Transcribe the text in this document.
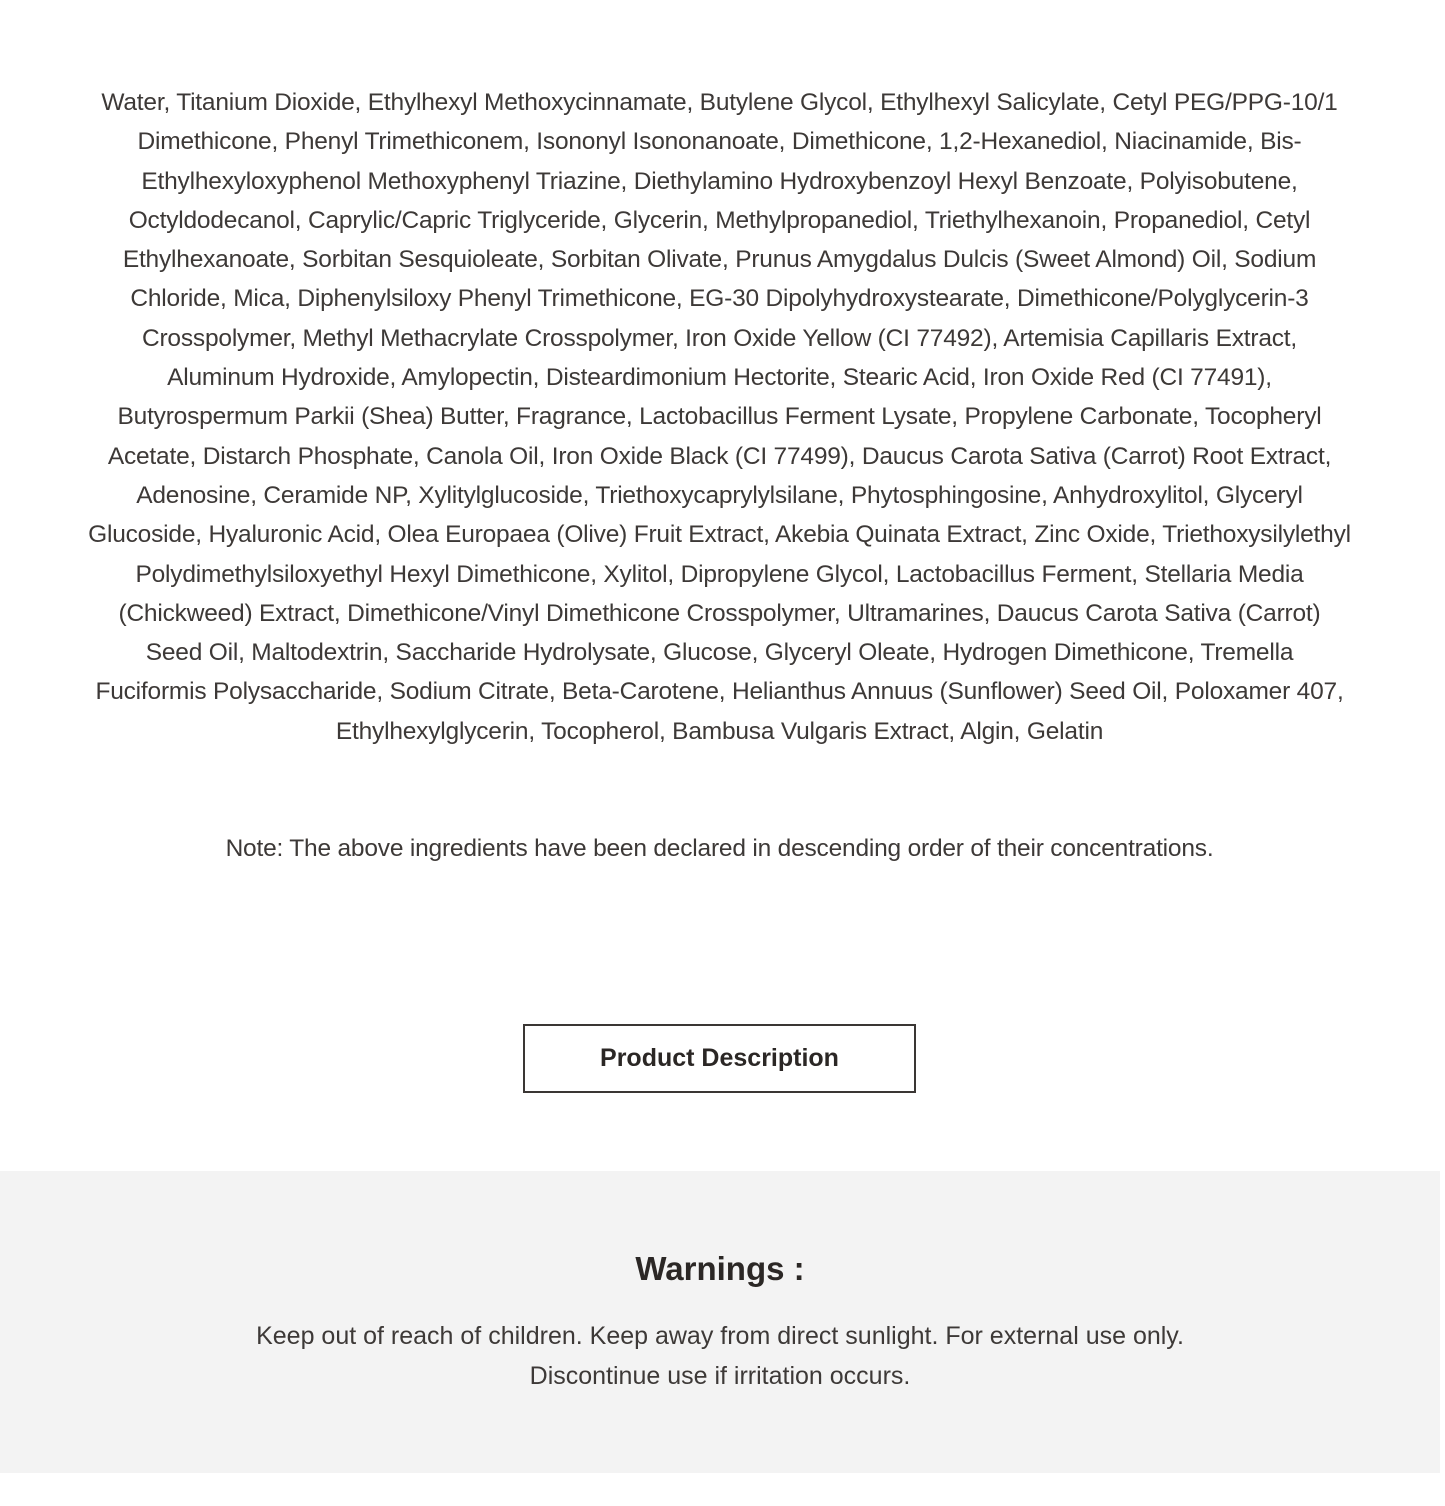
Water, Titanium Dioxide, Ethylhexyl Methoxycinnamate, Butylene Glycol, Ethylhexyl Salicylate, Cetyl PEG/PPG-10/1 Dimethicone, Phenyl Trimethiconem, Isononyl Isononanoate, Dimethicone, 1,2-Hexanediol, Niacinamide, Bis-Ethylhexyloxyphenol Methoxyphenyl Triazine, Diethylamino Hydroxybenzoyl Hexyl Benzoate, Polyisobutene, Octyldodecanol, Caprylic/Capric Triglyceride, Glycerin, Methylpropanediol, Triethylhexanoin, Propanediol, Cetyl Ethylhexanoate, Sorbitan Sesquioleate, Sorbitan Olivate, Prunus Amygdalus Dulcis (Sweet Almond) Oil, Sodium Chloride, Mica, Diphenylsiloxy Phenyl Trimethicone, EG-30 Dipolyhydroxystearate, Dimethicone/Polyglycerin-3 Crosspolymer, Methyl Methacrylate Crosspolymer, Iron Oxide Yellow (CI 77492), Artemisia Capillaris Extract, Aluminum Hydroxide, Amylopectin, Disteardimonium Hectorite, Stearic Acid, Iron Oxide Red (CI 77491), Butyrospermum Parkii (Shea) Butter, Fragrance, Lactobacillus Ferment Lysate, Propylene Carbonate, Tocopheryl Acetate, Distarch Phosphate, Canola Oil, Iron Oxide Black (CI 77499), Daucus Carota Sativa (Carrot) Root Extract, Adenosine, Ceramide NP, Xylitylglucoside, Triethoxycaprylylsilane, Phytosphingosine, Anhydroxylitol, Glyceryl Glucoside, Hyaluronic Acid, Olea Europaea (Olive) Fruit Extract, Akebia Quinata Extract, Zinc Oxide, Triethoxysilylethyl Polydimethylsiloxyethyl Hexyl Dimethicone, Xylitol, Dipropylene Glycol, Lactobacillus Ferment, Stellaria Media (Chickweed) Extract, Dimethicone/Vinyl Dimethicone Crosspolymer, Ultramarines, Daucus Carota Sativa (Carrot) Seed Oil, Maltodextrin, Saccharide Hydrolysate, Glucose, Glyceryl Oleate, Hydrogen Dimethicone, Tremella Fuciformis Polysaccharide, Sodium Citrate, Beta-Carotene, Helianthus Annuus (Sunflower) Seed Oil, Poloxamer 407, Ethylhexylglycerin, Tocopherol, Bambusa Vulgaris Extract, Algin, Gelatin

Note: The above ingredients have been declared in descending order of their concentrations.

Product Description
Warnings :

Keep out of reach of children. Keep away from direct sunlight. For external use only.
Discontinue use if irritation occurs.
